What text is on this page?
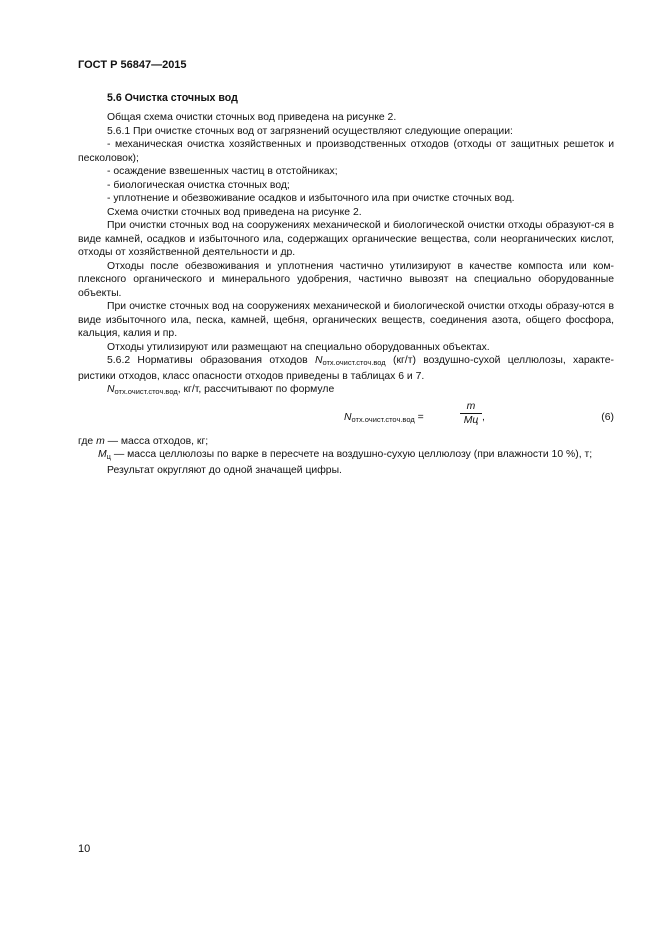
ГОСТ Р 56847—2015
5.6 Очистка сточных вод

Общая схема очистки сточных вод приведена на рисунке 2.

5.6.1 При очистке сточных вод от загрязнений осуществляют следующие операции:

- механическая очистка хозяйственных и производственных отходов (отходы от защитных решеток и песколовок);

- осаждение взвешенных частиц в отстойниках;

- биологическая очистка сточных вод;

- уплотнение и обезвоживание осадков и избыточного ила при очистке сточных вод.

Схема очистки сточных вод приведена на рисунке 2.

При очистки сточных вод на сооружениях механической и биологической очистки отходы образуют-ся в виде камней, осадков и избыточного ила, содержащих органические вещества, соли неорганических кислот, отходы от хозяйственной деятельности и др.

Отходы после обезвоживания и уплотнения частично утилизируют в качестве компоста или ком-плексного органического и минерального удобрения, частично вывозят на специально оборудованные объекты.

При очистке сточных вод на сооружениях механической и биологической очистки отходы образу-ются в виде избыточного ила, песка, камней, щебня, органических веществ, соединения азота, общего фосфора, кальция, калия и пр.

Отходы утилизируют или размещают на специально оборудованных объектах.

5.6.2 Нормативы образования отходов $N_{отх.очист.сточ.вод}$ (кг/т) воздушно-сухой целлюлозы, характе-ристики отходов, класс опасности отходов приведены в таблицах 6 и 7.

$N_{отх.очист.сточ.вод}$, кг/т, рассчитывают по формуле

$N_{отх.очист.сточ.вод}$ =
m
Мц ,	(6)

где m — масса отходов, кг;

$М_ц$ — масса целлюлозы по варке в пересчете на воздушно-сухую целлюлозу (при влажности 10 %), т;

Результат округляют до одной значащей цифры.

10
